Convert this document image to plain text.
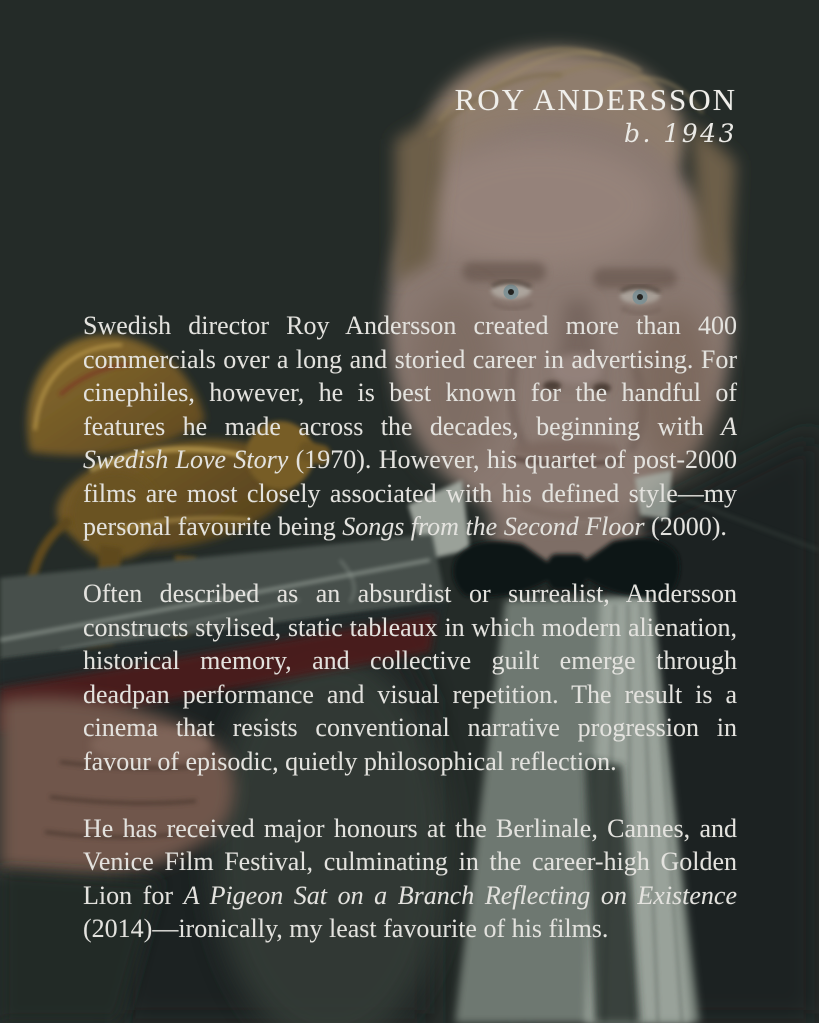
ROY ANDERSSON
b. 1943

Swedish director Roy Andersson created more than 400 commercials over a long and storied career in advertising. For cinephiles, however, he is best known for the handful of features he made across the decades, beginning with A Swedish Love Story (1970). However, his quartet of post-2000 films are most closely associated with his defined style—my personal favourite being Songs from the Second Floor (2000).

Often described as an absurdist or surrealist, Andersson constructs stylised, static tableaux in which modern alienation, historical memory, and collective guilt emerge through deadpan performance and visual repetition. The result is a cinema that resists conventional narrative progression in favour of episodic, quietly philosophical reflection.

He has received major honours at the Berlinale, Cannes, and Venice Film Festival, culminating in the career-high Golden Lion for A Pigeon Sat on a Branch Reflecting on Existence (2014)—ironically, my least favourite of his films.
